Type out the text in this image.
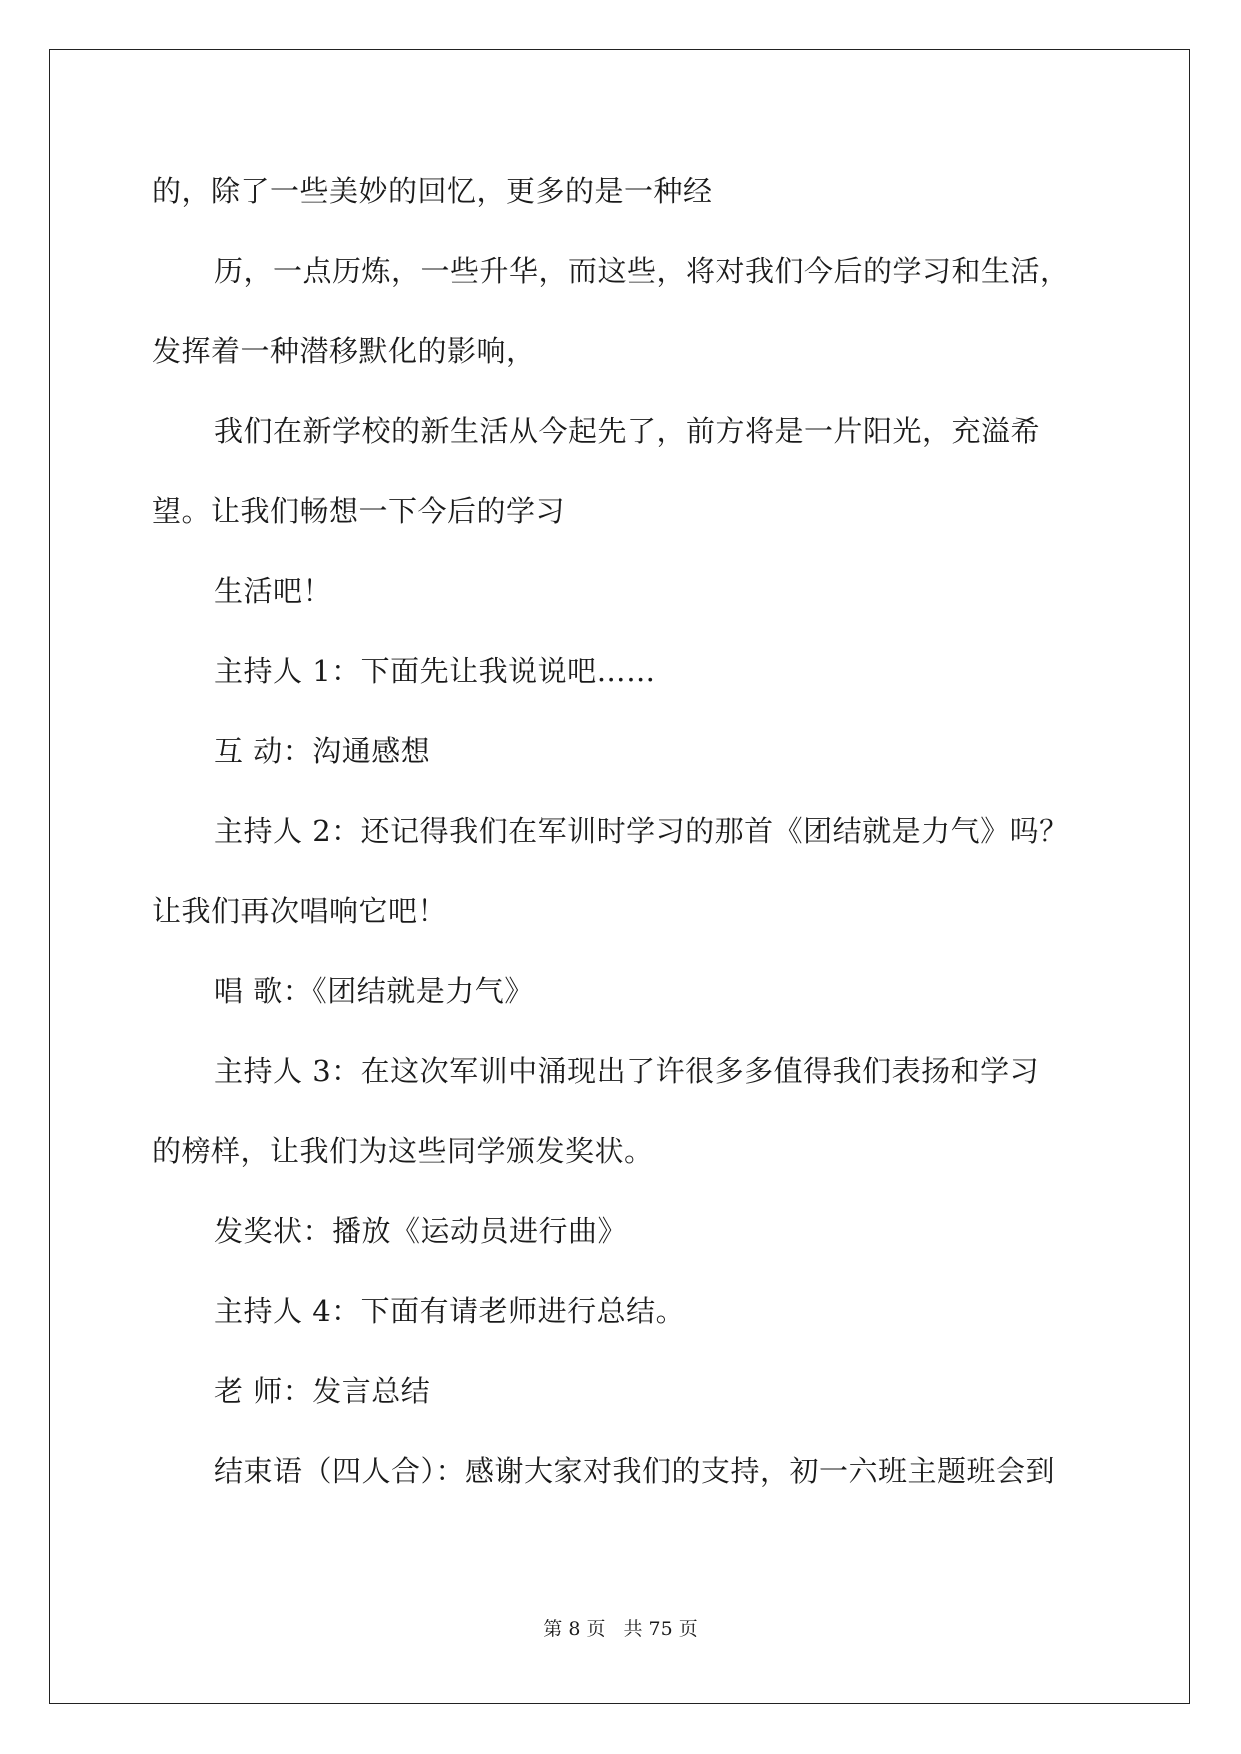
的，除了一些美妙的回忆，更多的是一种经
历，一点历炼，一些升华，而这些，将对我们今后的学习和生活，
发挥着一种潜移默化的影响，
我们在新学校的新生活从今起先了，前方将是一片阳光，充溢希
望。让我们畅想一下今后的学习
生活吧！
主持人 1：下面先让我说说吧……
互 动：沟通感想
主持人 2：还记得我们在军训时学习的那首《团结就是力气》吗？
让我们再次唱响它吧！
唱 歌：《团结就是力气》
主持人 3：在这次军训中涌现出了许很多多值得我们表扬和学习
的榜样，让我们为这些同学颁发奖状。
发奖状：播放《运动员进行曲》
主持人 4：下面有请老师进行总结。
老 师：发言总结
结束语（四人合）：感谢大家对我们的支持，初一六班主题班会到
第 8 页 共 75 页
